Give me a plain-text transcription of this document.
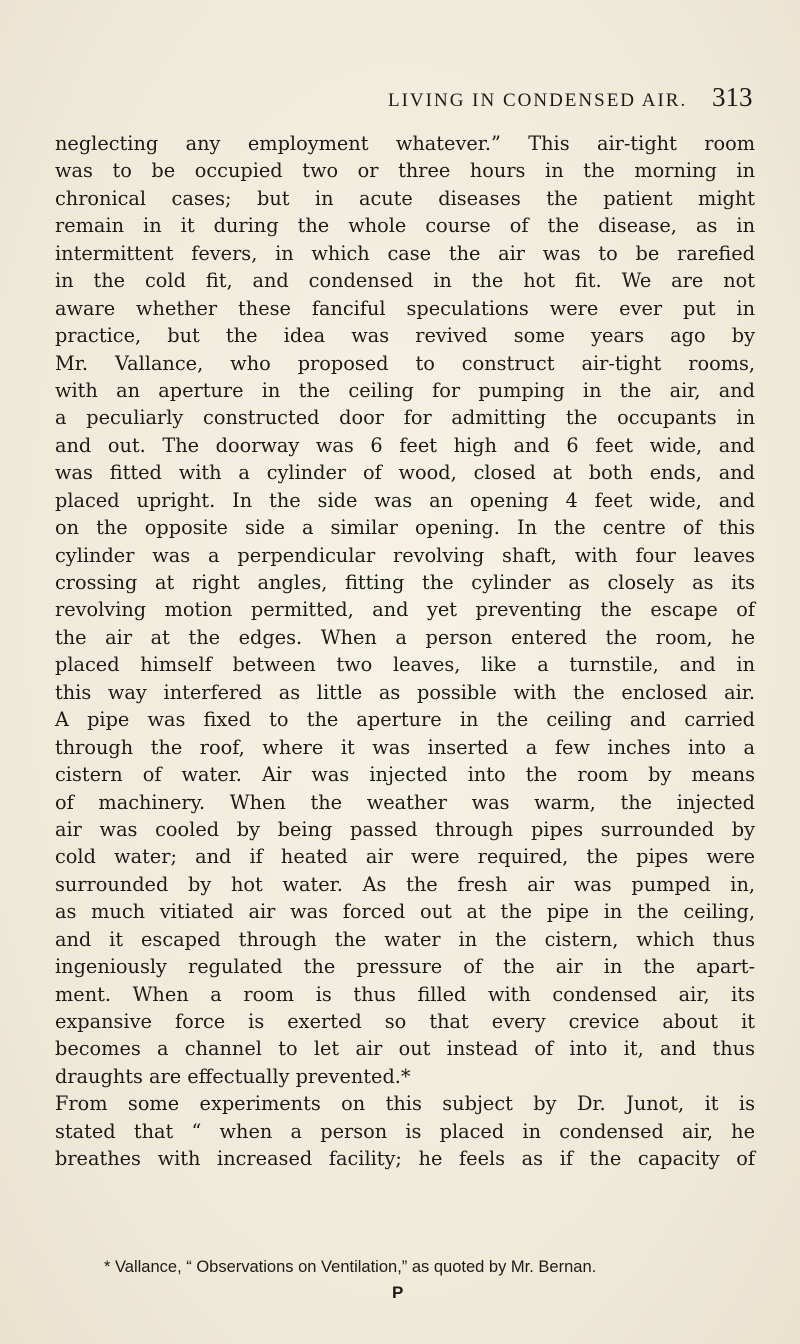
LIVING IN CONDENSED AIR. 313
neglecting any employment whatever.” This air-tight room
was to be occupied two or three hours in the morning in
chronical cases; but in acute diseases the patient might
remain in it during the whole course of the disease, as in
intermittent fevers, in which case the air was to be rarefied
in the cold fit, and condensed in the hot fit. We are not
aware whether these fanciful speculations were ever put in
practice, but the idea was revived some years ago by
Mr. Vallance, who proposed to construct air-tight rooms,
with an aperture in the ceiling for pumping in the air, and
a peculiarly constructed door for admitting the occupants in
and out. The doorway was 6 feet high and 6 feet wide, and
was fitted with a cylinder of wood, closed at both ends, and
placed upright. In the side was an opening 4 feet wide, and
on the opposite side a similar opening. In the centre of this
cylinder was a perpendicular revolving shaft, with four leaves
crossing at right angles, fitting the cylinder as closely as its
revolving motion permitted, and yet preventing the escape of
the air at the edges. When a person entered the room, he
placed himself between two leaves, like a turnstile, and in
this way interfered as little as possible with the enclosed air.
A pipe was fixed to the aperture in the ceiling and carried
through the roof, where it was inserted a few inches into a
cistern of water. Air was injected into the room by means
of machinery. When the weather was warm, the injected
air was cooled by being passed through pipes surrounded by
cold water; and if heated air were required, the pipes were
surrounded by hot water. As the fresh air was pumped in,
as much vitiated air was forced out at the pipe in the ceiling,
and it escaped through the water in the cistern, which thus
ingeniously regulated the pressure of the air in the apart-
ment. When a room is thus filled with condensed air, its
expansive force is exerted so that every crevice about it
becomes a channel to let air out instead of into it, and thus
draughts are effectually prevented.*
From some experiments on this subject by Dr. Junot, it is
stated that “ when a person is placed in condensed air, he
breathes with increased facility; he feels as if the capacity of
* Vallance, “ Observations on Ventilation,” as quoted by Mr. Bernan.
P
